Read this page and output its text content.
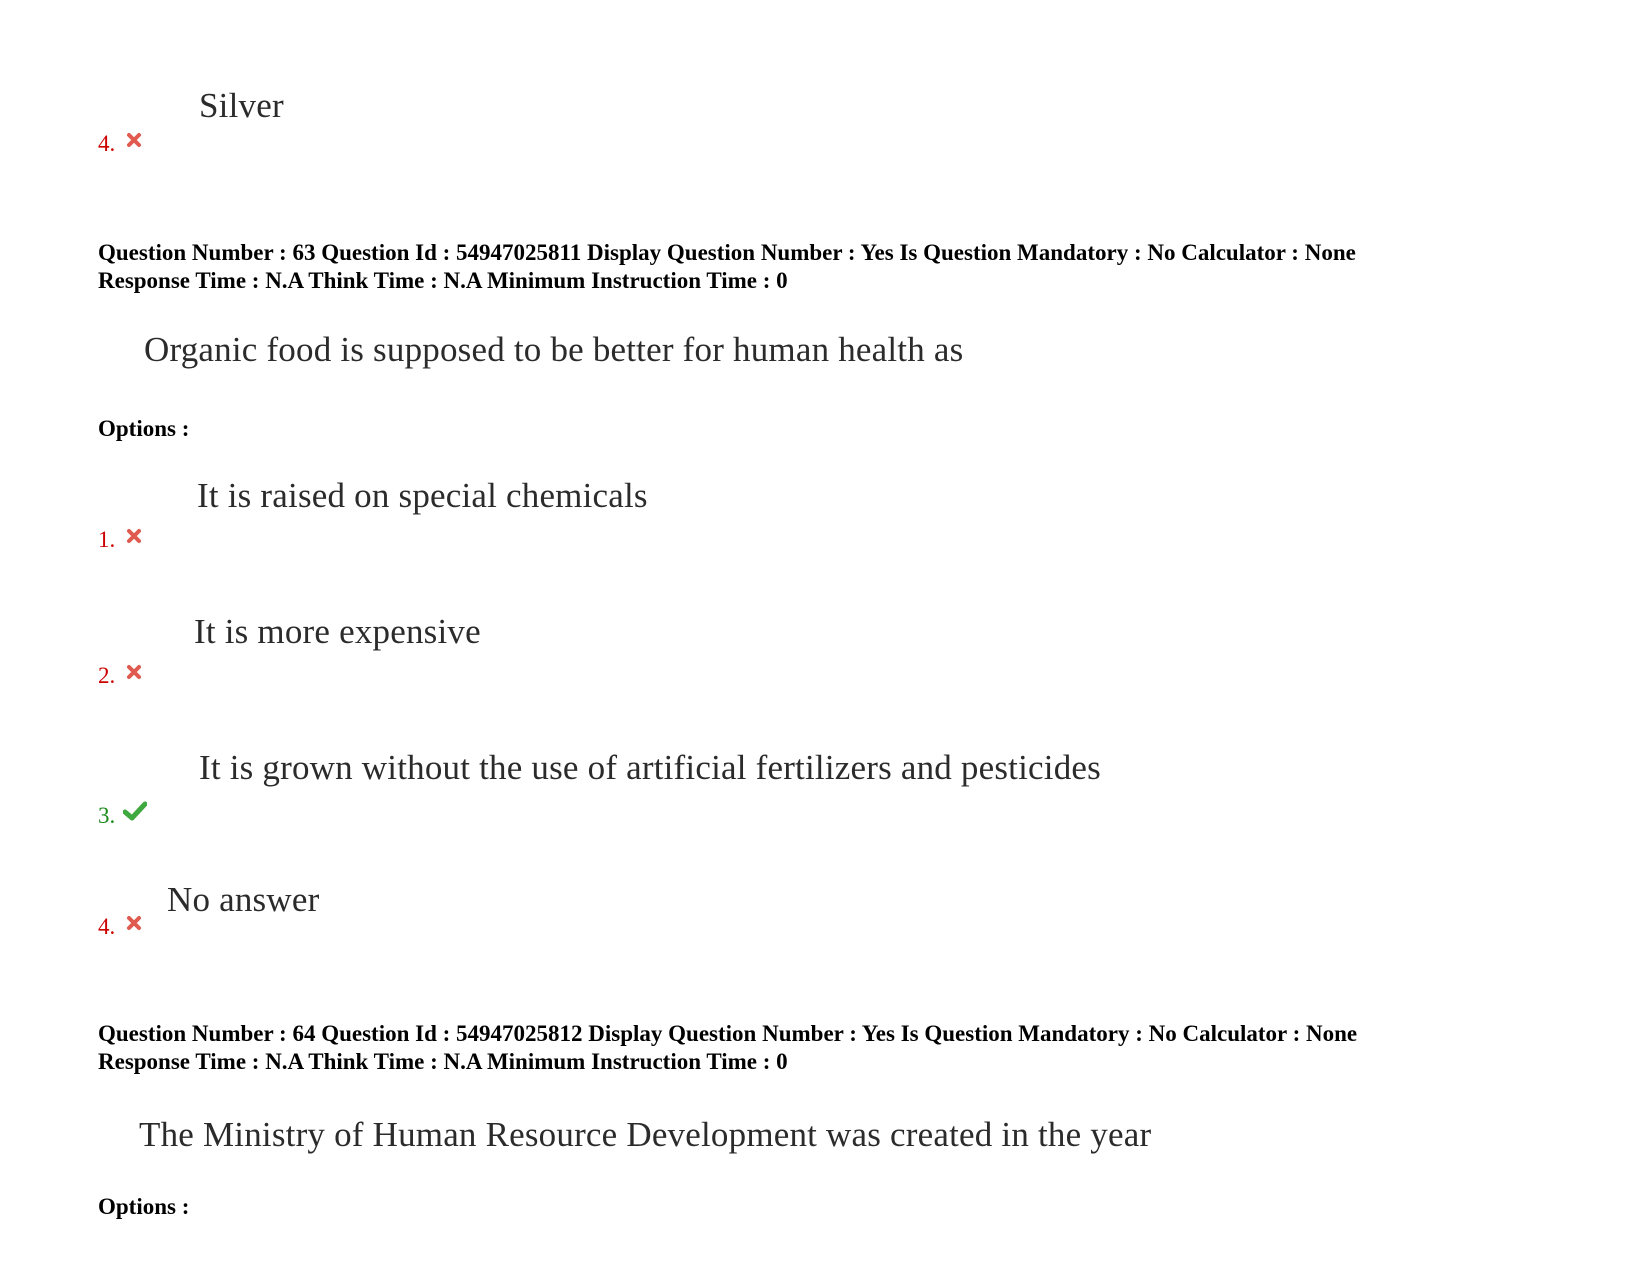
Silver
4.
Question Number : 63 Question Id : 54947025811 Display Question Number : Yes Is Question Mandatory : No Calculator : None
Response Time : N.A Think Time : N.A Minimum Instruction Time : 0
Organic food is supposed to be better for human health as
Options :
It is raised on special chemicals
1.
It is more expensive
2.
It is grown without the use of artificial fertilizers and pesticides
3.
No answer
4.
Question Number : 64 Question Id : 54947025812 Display Question Number : Yes Is Question Mandatory : No Calculator : None
Response Time : N.A Think Time : N.A Minimum Instruction Time : 0
The Ministry of Human Resource Development was created in the year
Options :
